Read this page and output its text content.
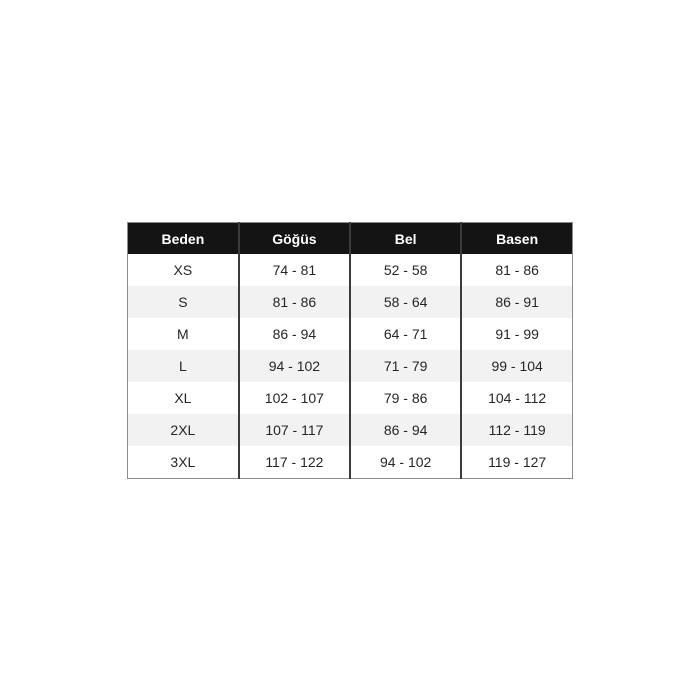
Beden	Göğüs	Bel	Basen
XS	74 - 81	52 - 58	81 - 86
S	81 - 86	58 - 64	86 - 91
M	86 - 94	64 - 71	91 - 99
L	94 - 102	71 - 79	99 - 104
XL	102 - 107	79 - 86	104 - 112
2XL	107 - 117	86 - 94	112 - 119
3XL	117 - 122	94 - 102	119 - 127
